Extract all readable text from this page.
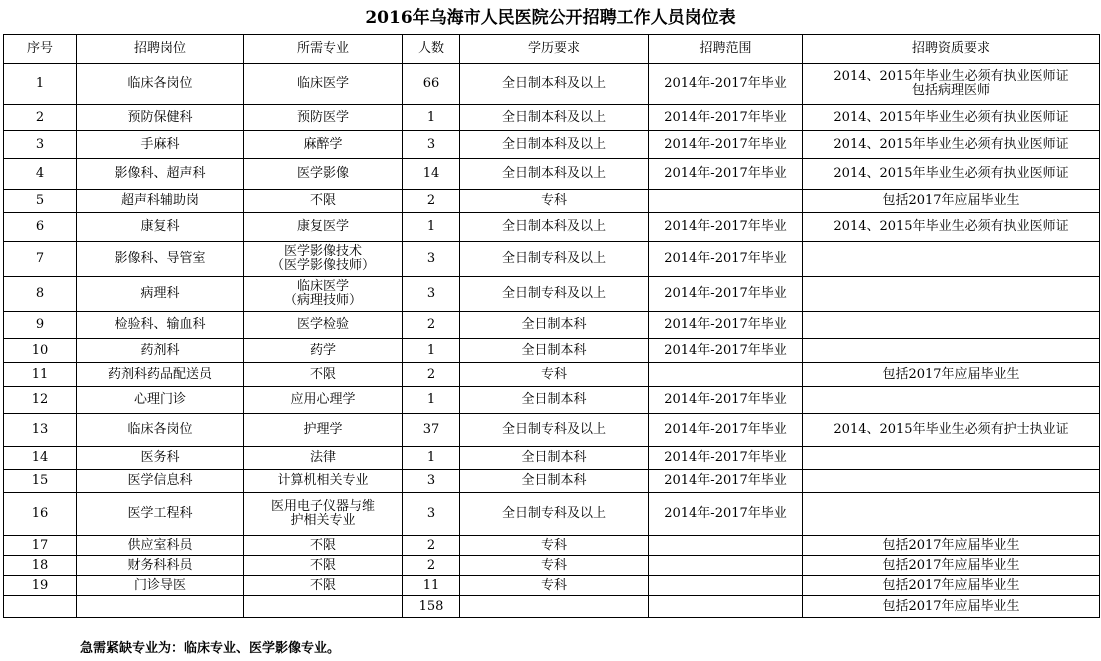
2016年乌海市人民医院公开招聘工作人员岗位表
序号	招聘岗位	所需专业	人数	学历要求	招聘范围	招聘资质要求
1	临床各岗位	临床医学	66	全日制本科及以上	2014年-2017年毕业	2014、2015年毕业生必须有执业医师证
包括病理医师
2	预防保健科	预防医学	1	全日制本科及以上	2014年-2017年毕业	2014、2015年毕业生必须有执业医师证
3	手麻科	麻醉学	3	全日制本科及以上	2014年-2017年毕业	2014、2015年毕业生必须有执业医师证
4	影像科、超声科	医学影像	14	全日制本科及以上	2014年-2017年毕业	2014、2015年毕业生必须有执业医师证
5	超声科辅助岗	不限	2	专科		包括2017年应届毕业生
6	康复科	康复医学	1	全日制本科及以上	2014年-2017年毕业	2014、2015年毕业生必须有执业医师证
7	影像科、导管室	医学影像技术
（医学影像技师）	3	全日制专科及以上	2014年-2017年毕业	
8	病理科	临床医学
（病理技师）	3	全日制专科及以上	2014年-2017年毕业	
9	检验科、输血科	医学检验	2	全日制本科	2014年-2017年毕业	
10	药剂科	药学	1	全日制本科	2014年-2017年毕业	
11	药剂科药品配送员	不限	2	专科		包括2017年应届毕业生
12	心理门诊	应用心理学	1	全日制本科	2014年-2017年毕业	
13	临床各岗位	护理学	37	全日制专科及以上	2014年-2017年毕业	2014、2015年毕业生必须有护士执业证
14	医务科	法律	1	全日制本科	2014年-2017年毕业	
15	医学信息科	计算机相关专业	3	全日制本科	2014年-2017年毕业	
16	医学工程科	医用电子仪器与维
护相关专业	3	全日制专科及以上	2014年-2017年毕业	
17	供应室科员	不限	2	专科		包括2017年应届毕业生
18	财务科科员	不限	2	专科		包括2017年应届毕业生
19	门诊导医	不限	11	专科		包括2017年应届毕业生
			158			包括2017年应届毕业生
急需紧缺专业为：临床专业、医学影像专业。
